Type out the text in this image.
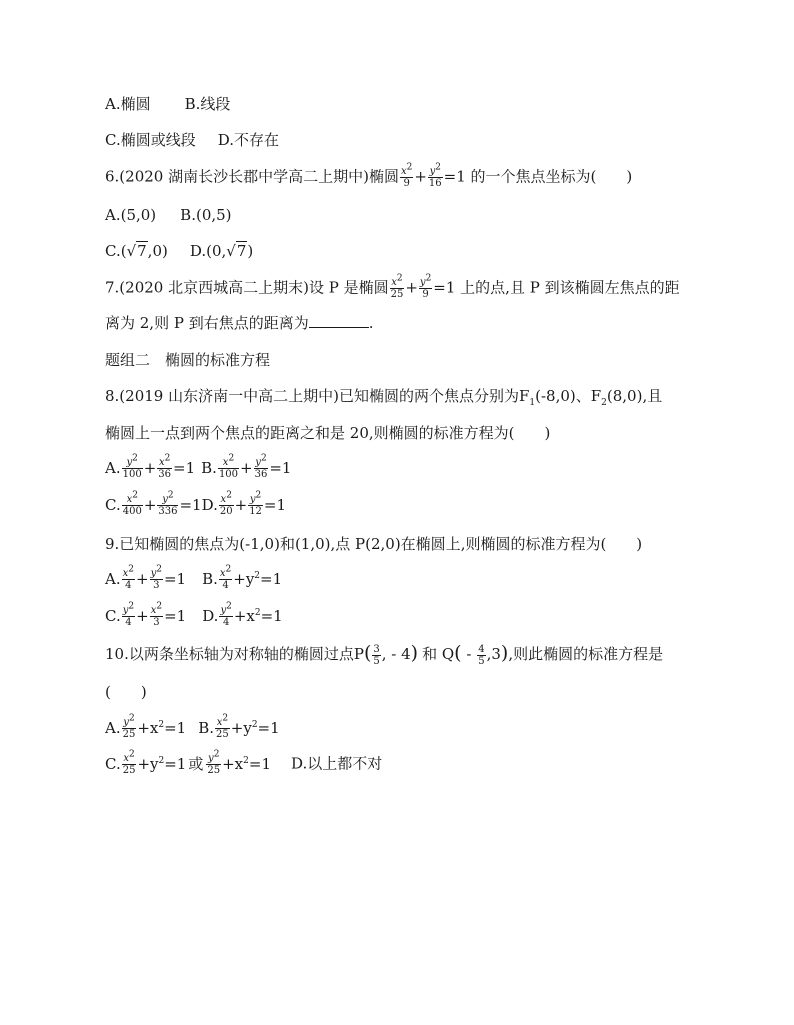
A.椭圆 B.线段
C.椭圆或线段 D.不存在
6.(2020 湖南长沙长郡中学高二上期中)椭圆 $\frac{x^2}{9} + \frac{y^2}{16} =1$ 的一个焦点坐标为(　　)
A.(5,0) B.(0,5)
C.(√7,0) D.(0,√7)
7.(2020 北京西城高二上期末)设 P 是椭圆 $\frac{x^2}{25} + \frac{y^2}{9} =1$ 上的点,且 P 到该椭圆左焦点的距
离为 2,则 P 到右焦点的距离为	.
题组二　椭圆的标准方程
8.(2019 山东济南一中高二上期中)已知椭圆的两个焦点分别为$F_1(-8,0)$、$F_2(8,0)$,且
椭圆上一点到两个焦点的距离之和是 20,则椭圆的标准方程为(　　)
A. $\frac{y^2}{100} + \frac{x^2}{36} =1$ B. $\frac{x^2}{100} + \frac{y^2}{36} =1$
C. $\frac{x^2}{400} + \frac{y^2}{336} =1D$. $\frac{x^2}{20} + \frac{y^2}{12} =1$
9.已知椭圆的焦点为(-1,0)和(1,0),点 P(2,0)在椭圆上,则椭圆的标准方程为(　　)
A. $\frac{x^2}{4} + \frac{y^2}{3} =1$ B. $\frac{x^2}{4} +y^2=1$
C. $\frac{y^2}{4} + \frac{x^2}{3} =1$ D. $\frac{y^2}{4} +x^2=1$
10.以两条坐标轴为对称轴的椭圆过点$P( \frac{3}{5}$ , - 4) 和 $Q( - \frac{4}{5} ,3)$,则此椭圆的标准方程是
(　　)
A. $\frac{y^2}{25} +x^2=1$ B. $\frac{x^2}{25} +y^2=1$
C. $\frac{x^2}{25} +y^2=1$ 或 $\frac{y^2}{25} +x^2=1$ D.以上都不对
